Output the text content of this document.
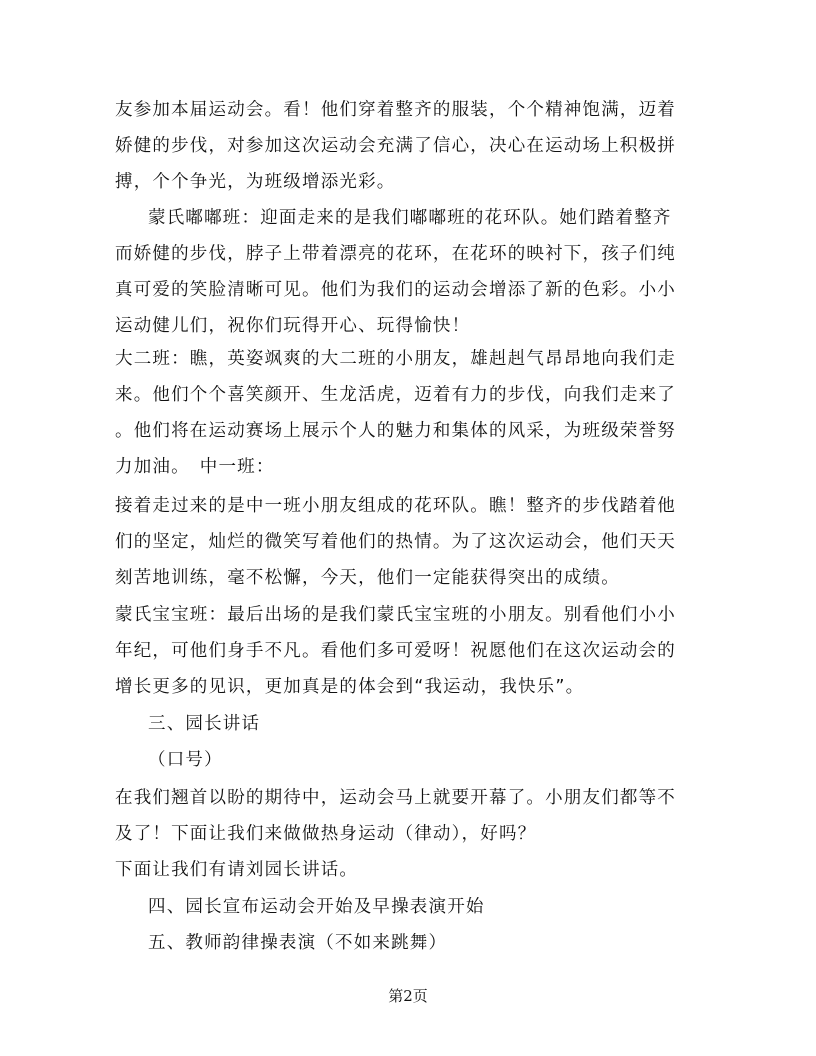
友参加本届运动会。看！他们穿着整齐的服装，个个精神饱满，迈着
娇健的步伐，对参加这次运动会充满了信心，决心在运动场上积极拼
搏，个个争光，为班级增添光彩。
蒙氏嘟嘟班：迎面走来的是我们嘟嘟班的花环队。她们踏着整齐
而娇健的步伐，脖子上带着漂亮的花环，在花环的映衬下，孩子们纯
真可爱的笑脸清晰可见。他们为我们的运动会增添了新的色彩。小小
运动健儿们，祝你们玩得开心、玩得愉快！
大二班：瞧，英姿飒爽的大二班的小朋友，雄赳赳气昂昂地向我们走
来。他们个个喜笑颜开、生龙活虎，迈着有力的步伐，向我们走来了
。他们将在运动赛场上展示个人的魅力和集体的风采，为班级荣誉努
力加油。　中一班：
接着走过来的是中一班小朋友组成的花环队。瞧！整齐的步伐踏着他
们的坚定，灿烂的微笑写着他们的热情。为了这次运动会，他们天天
刻苦地训练，毫不松懈，今天，他们一定能获得突出的成绩。
蒙氏宝宝班：最后出场的是我们蒙氏宝宝班的小朋友。别看他们小小
年纪，可他们身手不凡。看他们多可爱呀！祝愿他们在这次运动会的
增长更多的见识，更加真是的体会到“我运动，我快乐”。
三、园长讲话
（口号）
在我们翘首以盼的期待中，运动会马上就要开幕了。小朋友们都等不
及了！下面让我们来做做热身运动（律动），好吗？
下面让我们有请刘园长讲话。
四、园长宣布运动会开始及早操表演开始
五、教师韵律操表演（不如来跳舞）
第2页
